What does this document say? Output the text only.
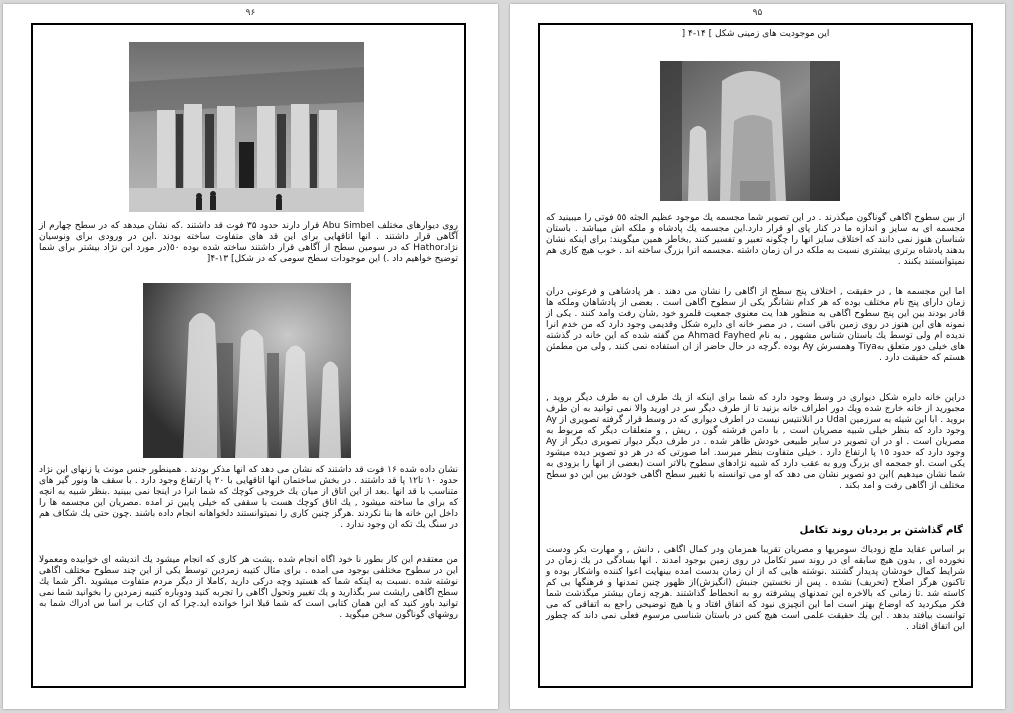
۹۶

روی دیوارهای مختلف Abu Simbel قرار دارند حدود ۳۵ فوت قد داشتند .كه نشان ميدهد كه در سطح چهارم از آگاهی قرار داشتند . انها اتاقهايی برای اين قد های متفاوت ساخته بودند .اين در ورودی برای ونوسيان نژادHathor كه در سومين سطح از آگاهی قرار داشتند ساخته شده بوده ٥٠(در مورد اين نژاد بيشتر برای شما توضيح خواهيم داد .) اين موجودات سطح سومی كه در شكل] ۱۳-۴[

نشان داده شده ۱۶ فوت قد داشتند كه نشان می دهد كه انها مذكر بودند . همينطور جنس مونث يا زنهای اين نژاد حدود ۱۰ تا۱۲ پا قد داشتند . در بخش ساختمان انها اتاقهايی با ۲۰ پا ارتفاع وجود دارد . با سقف ها ونور گير های متناسب با قد انها .بعد از اين اتاق از ميان يك خروجی كوچك كه شما انرا در اينجا نمی ببينيد .بنظر شبيه به انچه كه برای ما ساخته ميشود , يك اتاق كوچك هست با سقفی كه خيلی پايين تر امده .مصريان اين مجسمه ها را داخل اين خانه ها بنا نكردند .هرگز چنين كاری را نميتوانستند دلخواهانه انجام داده باشند .چون حتی يك شكاف هم در سنگ يك تكه ان وجود ندارد .

من معتقدم اين كار بطور نا خود اگاه انجام شده .پشت هر كاری كه انجام ميشود يك انديشه ای خوابيده ومعمولا اين در سطوح مختلفی بوجود می امده . برای مثال كتيبه زمردين توسط يكی از اين چند سطوح مختلف اگاهی نوشته شده .نسبت به اينكه شما كه هستيد وچه دركی داريد ,كاملا از ديگر مردم متفاوت ميشويد .اگر شما يك سطح اگاهی رايشت سر بگذاريد و يك تغيير وتحول اگاهی را تجربه كنيد ودوباره كتيبه زمردين را بخوانيد شما نمی توانيد باور كنيد كه اين همان كتابی است كه شما قبلا انرا خوانده ايد.چرا كه ان كتاب بر اسا س ادراك شما به روشهای گوناگون سخن ميگويد .

۹۵
اين موجوديت های زمينی شكل ] ۱۴-۴ [

از بين سطوح اگاهی گوناگون ميگذرند . در اين تصوير شما مجسمه يك موجود عظيم الجثه ٥٥ فوتی را ميبينيد كه مجسمه ای به سايز و اندازه ما در كنار پای او قرار دارد.اين مجسمه يك پادشاه و ملكه اش ميباشد . باستان شناسان هنوز نمی دانند كه اختلاف سايز انها را چگونه تعبير و تفسير كنند ,بخاطر همين ميگويند: برای اينكه نشان بدهند پادشاه برتری بيشتری نسبت به ملكه در ان زمان داشته .مجسمه انرا بزرگ ساخته اند . خوب هيچ كاری هم نميتوانستند بكنند .

اما اين مجسمه ها , در حقيقت , اختلاف پنج سطح از اگاهی را نشان می دهند . هر پادشاهی و فرعونی دران زمان دارای پنج نام مختلف بوده كه هر كدام نشانگر يكی از سطوح اگاهی است . بعضی از پادشاهان وملكه ها قادر بودند بين اين پنج سطوح اگاهی به منظور هدا يت معنوی جمعيت قلمرو خود ,شان رفت وامد كنند . يكی از نمونه های اين هنوز در روی زمين باقی است , در مصر خانه ای دايره شكل وقديمی وجود دارد كه من خدم انرا نديده ام ولی توسط يك باستان شناس مشهور , به نام Ahmad Fayhed من گفته شده كه اين خانه در گذشته های خيلی دور متعلق بهTiya وهمسرش Ay بوده .گرچه در حال حاضر از ان استفاده نمی كنند , ولی من مطمئن هستم كه حقيقت دارد .

دراين خانه دايره شكل ديواری در وسط وجود دارد كه شما برای اينكه از يك طرف ان به طرف ديگر برويد , مجبوريد از خانه خارج شده ويك دور اطراف خانه بزنيد تا از طرف ديگر سر در اوريد والا نمی توانيد به ان طرف برويد . ابا اين شيئه به سرزمين Udal در انلانتيس نيست در اطرف ديواری كه در وسط قرار گرفته تصويری از Ay وجود دارد كه بنظر خيلی شبيه مصريان است , با دامن فرشته گون , ريش , و متعلقات ديگر كه مربوط به مصريان است . او در ان تصوير در ساير طبيعی خودش ظاهر شده . در طرف ديگر ديوار تصويری ديگر از Ay وجود دارد كه حدود ۱٥ پا ارتفاع دارد . خيلی متفاوت بنظر ميرسد. اما صورتی كه در هر دو تصوير ديده ميشود يكی است .او جمجمه ای بزرگ ورو به عقب دارد كه شبيه نژادهای سطوح بالاتر است (بعضی از انها را بزودی به شما نشان ميدهيم )اين دو تصوير نشان می دهد كه او می توانسته با تغيير سطح اگاهی خودش بين اين دو سطح مختلف از اگاهی رفت و امد بكند .

گام گذاشتن بر بردبان روند تكامل

بر اساس عقايد ملچ زودياك سومريها و مصريان تقريبا همزمان ودر كمال اگاهی , دانش , و مهارت بكر ودست نخورده ای , بدون هيچ سابقه ای در روند سير تكامل در روی زمين بوجود امدند . انها بسادگی در يك زمان در شرايط كمال خودشان پديدار گشتند .نوشته هايی كه از ان زمان بدست امده بينهايت اعوا كننده واشكار بوده و تاكنون هرگز اصلاح (تحريف) نشده . پس از نخستين جنبش (انگيزش)از ظهور چنين تمدنها و فرهنگها بی كم كاسته شد .تا زمانی كه بالاخره اين تمدنهای پيشرفته رو به انحطاط گذاشتند .هرچه زمان بيشتر ميگذشت شما فكر ميكرديد كه اوضاع بهتر است اما اين انچيزی نبود كه اتفاق افتاد و يا هيچ توضيحی راجع به اتفاقی كه می توانست بيافتد بدهد . اين يك حقيقت علمی است هيچ كس در باستان شناسی مرسوم فعلی نمی داند كه چطور اين اتفاق افتاد .
